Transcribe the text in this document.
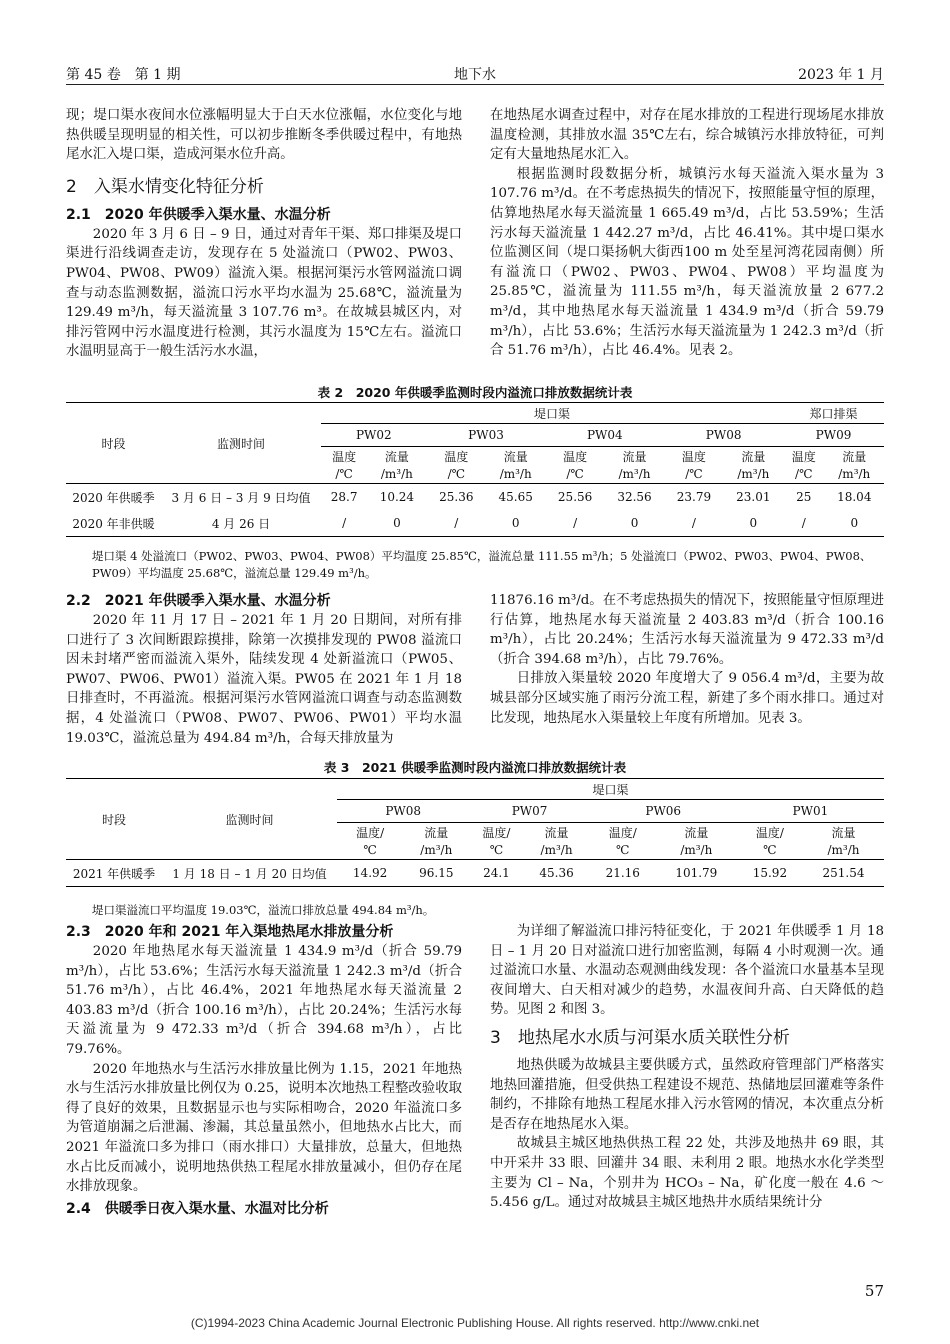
第 45 卷　第 1 期	地下水	2023 年 1 月

现；堤口渠水夜间水位涨幅明显大于白天水位涨幅，水位变化与地热供暖呈现明显的相关性，可以初步推断冬季供暖过程中，有地热尾水汇入堤口渠，造成河渠水位升高。

2　入渠水情变化特征分析
2.1　2020 年供暖季入渠水量、水温分析

2020 年 3 月 6 日 – 9 日，通过对青年干渠、郑口排渠及堤口渠进行沿线调查走访，发现存在 5 处溢流口（PW02、PW03、PW04、PW08、PW09）溢流入渠。根据河渠污水管网溢流口调查与动态监测数据，溢流口污水平均水温为 25.68℃，溢流量为 129.49 m³/h，每天溢流量 3 107.76 m³。在故城县城区内，对排污管网中污水温度进行检测，其污水温度为 15℃左右。溢流口水温明显高于一般生活污水水温，

在地热尾水调查过程中，对存在尾水排放的工程进行现场尾水排放温度检测，其排放水温 35℃左右，综合城镇污水排放特征，可判定有大量地热尾水汇入。

根据监测时段数据分析，城镇污水每天溢流入渠水量为 3 107.76 m³/d。在不考虑热损失的情况下，按照能量守恒的原理，估算地热尾水每天溢流量 1 665.49 m³/d，占比 53.59%；生活污水每天溢流量 1 442.27 m³/d，占比 46.41%。其中堤口渠水位监测区间（堤口渠扬帆大街西100 m 处至星河湾花园南侧）所有溢流口（PW02、PW03、PW04、PW08）平均温度为 25.85℃，溢流量为 111.55 m³/h，每天溢流放量 2 677.2 m³/d，其中地热尾水每天溢流量 1 434.9 m³/d（折合 59.79 m³/h），占比 53.6%；生活污水每天溢流量为 1 242.3 m³/d（折合 51.76 m³/h），占比 46.4%。见表 2。

表 2　2020 年供暖季监测时段内溢流口排放数据统计表
时段	监测时间	堤口渠								郑口排渠	
		PW02		PW03		PW04		PW08		PW09	
		温度	流量	温度	流量	温度	流量	温度	流量	温度	流量
		/℃	/m³/h	/℃	/m³/h	/℃	/m³/h	/℃	/m³/h	/℃	/m³/h
2020 年供暖季	3 月 6 日 – 3 月 9 日均值	28.7	10.24	25.36	45.65	25.56	32.56	23.79	23.01	25	18.04
2020 年非供暖	4 月 26 日	/	0	/	0	/	0	/	0	/	0
堤口渠 4 处溢流口（PW02、PW03、PW04、PW08）平均温度 25.85℃，溢流总量 111.55 m³/h；5 处溢流口（PW02、PW03、PW04、PW08、PW09）平均温度 25.68℃，溢流总量 129.49 m³/h。
2.2　2021 年供暖季入渠水量、水温分析

2020 年 11 月 17 日 – 2021 年 1 月 20 日期间，对所有排口进行了 3 次间断跟踪摸排，除第一次摸排发现的 PW08 溢流口因未封堵严密而溢流入渠外，陆续发现 4 处新溢流口（PW05、PW07、PW06、PW01）溢流入渠。PW05 在 2021 年 1 月 18 日排查时，不再溢流。根据河渠污水管网溢流口调查与动态监测数据，4 处溢流口（PW08、PW07、PW06、PW01）平均水温 19.03℃，溢流总量为 494.84 m³/h，合每天排放量为

11876.16 m³/d。在不考虑热损失的情况下，按照能量守恒原理进行估算，地热尾水每天溢流量 2 403.83 m³/d（折合 100.16 m³/h），占比 20.24%；生活污水每天溢流量为 9 472.33 m³/d（折合 394.68 m³/h），占比 79.76%。

日排放入渠量较 2020 年度增大了 9 056.4 m³/d，主要为故城县部分区域实施了雨污分流工程，新建了多个雨水排口。通过对比发现，地热尾水入渠量较上年度有所增加。见表 3。

表 3　2021 供暖季监测时段内溢流口排放数据统计表
时段	监测时间	堤口渠							
		PW08		PW07		PW06		PW01	
		温度/	流量	温度/	流量	温度/	流量	温度/	流量
		℃	/m³/h	℃	/m³/h	℃	/m³/h	℃	/m³/h
2021 年供暖季	1 月 18 日 – 1 月 20 日均值	14.92	96.15	24.1	45.36	21.16	101.79	15.92	251.54
堤口渠溢流口平均温度 19.03℃，溢流口排放总量 494.84 m³/h。
2.3　2020 年和 2021 年入渠地热尾水排放量分析

2020 年地热尾水每天溢流量 1 434.9 m³/d（折合 59.79 m³/h），占比 53.6%；生活污水每天溢流量 1 242.3 m³/d（折合 51.76 m³/h），占比 46.4%，2021 年地热尾水每天溢流量 2 403.83 m³/d（折合 100.16 m³/h），占比 20.24%；生活污水每天溢流量为 9 472.33 m³/d（折合 394.68 m³/h），占比 79.76%。

2020 年地热水与生活污水排放量比例为 1.15，2021 年地热水与生活污水排放量比例仅为 0.25，说明本次地热工程整改验收取得了良好的效果，且数据显示也与实际相吻合，2020 年溢流口多为管道崩漏之后泄漏、渗漏，其总量虽然小，但地热水占比大，而 2021 年溢流口多为排口（雨水排口）大量排放，总量大，但地热水占比反而减小，说明地热供热工程尾水排放量减小，但仍存在尾水排放现象。

2.4　供暖季日夜入渠水量、水温对比分析

为详细了解溢流口排污特征变化，于 2021 年供暖季 1 月 18 日 – 1 月 20 日对溢流口进行加密监测，每隔 4 小时观测一次。通过溢流口水量、水温动态观测曲线发现：各个溢流口水量基本呈现夜间增大、白天相对减少的趋势，水温夜间升高、白天降低的趋势。见图 2 和图 3。

3　地热尾水水质与河渠水质关联性分析

地热供暖为故城县主要供暖方式，虽然政府管理部门严格落实地热回灌措施，但受供热工程建设不规范、热储地层回灌难等条件制约，不排除有地热工程尾水排入污水管网的情况，本次重点分析是否存在地热尾水入渠。

故城县主城区地热供热工程 22 处，共涉及地热井 69 眼，其中开采井 33 眼、回灌井 34 眼、未利用 2 眼。地热水水化学类型主要为 Cl – Na，个别井为 HCO₃ – Na，矿化度一般在 4.6 ～5.456 g/L。通过对故城县主城区地热井水质结果统计分

57
(C)1994-2023 China Academic Journal Electronic Publishing House. All rights reserved. http://www.cnki.net
